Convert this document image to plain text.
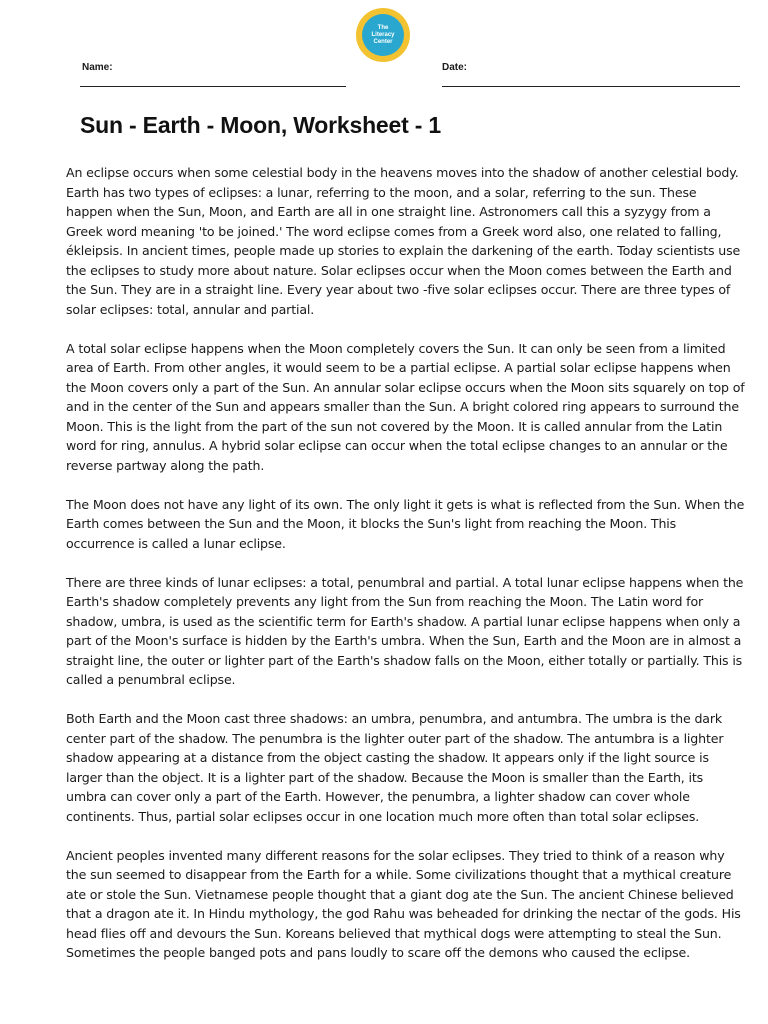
The
Literacy
Center
Name:	Date:
Sun - Earth - Moon, Worksheet - 1

An eclipse occurs when some celestial body in the heavens moves into the shadow of another celestial body. Earth has two types of eclipses: a lunar, referring to the moon, and a solar, referring to the sun. These happen when the Sun, Moon, and Earth are all in one straight line. Astronomers call this a syzygy from a Greek word meaning 'to be joined.' The word eclipse comes from a Greek word also, one related to falling, ékleipsis. In ancient times, people made up stories to explain the darkening of the earth. Today scientists use the eclipses to study more about nature. Solar eclipses occur when the Moon comes between the Earth and the Sun. They are in a straight line. Every year about two -five solar eclipses occur. There are three types of solar eclipses: total, annular and partial.

A total solar eclipse happens when the Moon completely covers the Sun. It can only be seen from a limited area of Earth. From other angles, it would seem to be a partial eclipse. A partial solar eclipse happens when the Moon covers only a part of the Sun. An annular solar eclipse occurs when the Moon sits squarely on top of and in the center of the Sun and appears smaller than the Sun. A bright colored ring appears to surround the Moon. This is the light from the part of the sun not covered by the Moon. It is called annular from the Latin word for ring, annulus. A hybrid solar eclipse can occur when the total eclipse changes to an annular or the reverse partway along the path.

The Moon does not have any light of its own. The only light it gets is what is reflected from the Sun. When the Earth comes between the Sun and the Moon, it blocks the Sun's light from reaching the Moon. This occurrence is called a lunar eclipse.

There are three kinds of lunar eclipses: a total, penumbral and partial. A total lunar eclipse happens when the Earth's shadow completely prevents any light from the Sun from reaching the Moon. The Latin word for shadow, umbra, is used as the scientific term for Earth's shadow. A partial lunar eclipse happens when only a part of the Moon's surface is hidden by the Earth's umbra. When the Sun, Earth and the Moon are in almost a straight line, the outer or lighter part of the Earth's shadow falls on the Moon, either totally or partially. This is called a penumbral eclipse.

Both Earth and the Moon cast three shadows: an umbra, penumbra, and antumbra. The umbra is the dark center part of the shadow. The penumbra is the lighter outer part of the shadow. The antumbra is a lighter shadow appearing at a distance from the object casting the shadow. It appears only if the light source is larger than the object. It is a lighter part of the shadow. Because the Moon is smaller than the Earth, its umbra can cover only a part of the Earth. However, the penumbra, a lighter shadow can cover whole continents. Thus, partial solar eclipses occur in one location much more often than total solar eclipses.

Ancient peoples invented many different reasons for the solar eclipses. They tried to think of a reason why the sun seemed to disappear from the Earth for a while. Some civilizations thought that a mythical creature ate or stole the Sun. Vietnamese people thought that a giant dog ate the Sun. The ancient Chinese believed that a dragon ate it. In Hindu mythology, the god Rahu was beheaded for drinking the nectar of the gods. His head flies off and devours the Sun. Koreans believed that mythical dogs were attempting to steal the Sun. Sometimes the people banged pots and pans loudly to scare off the demons who caused the eclipse.
